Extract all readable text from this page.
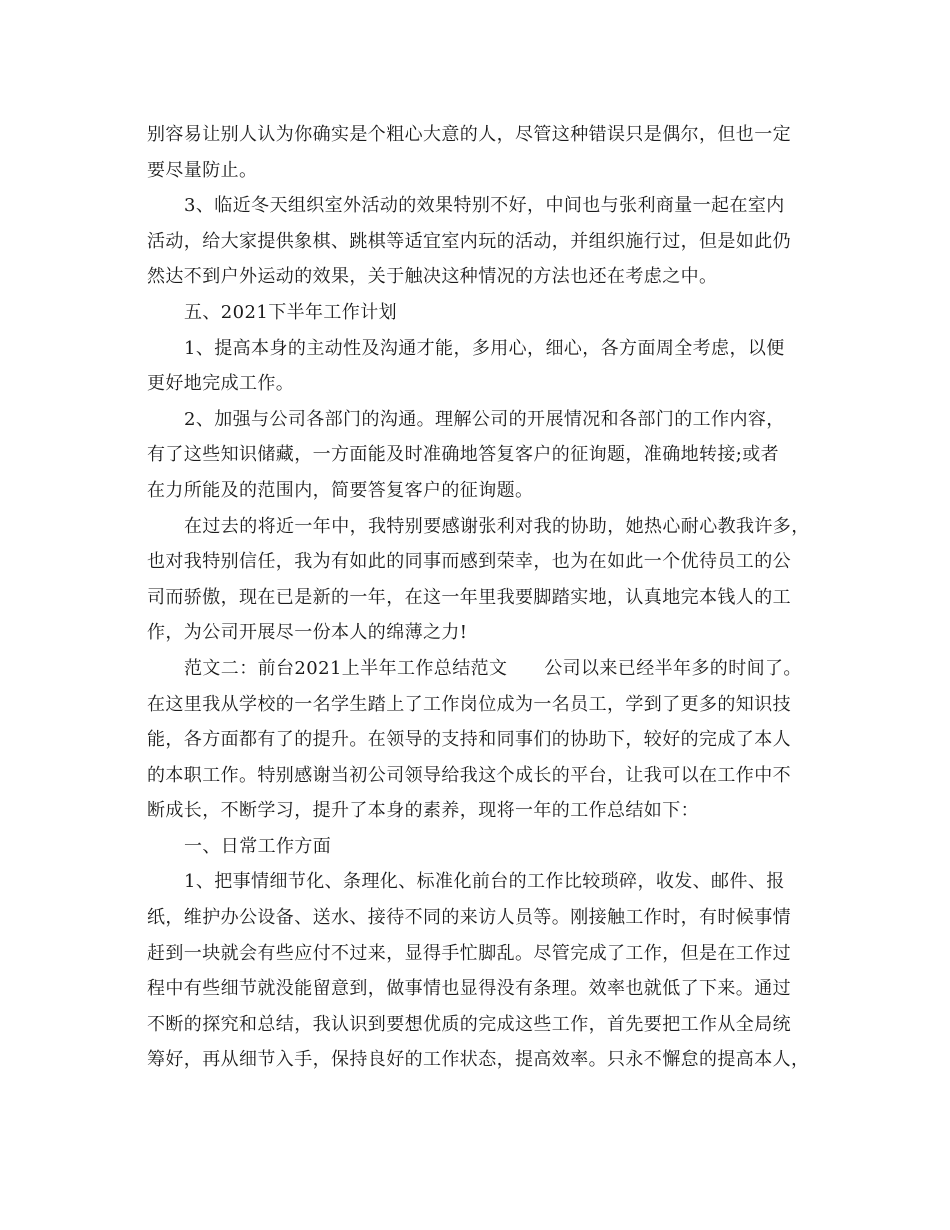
别容易让别人认为你确实是个粗心大意的人，尽管这种错误只是偶尔，但也一定
要尽量防止。
3、临近冬天组织室外活动的效果特别不好，中间也与张利商量一起在室内
活动，给大家提供象棋、跳棋等适宜室内玩的活动，并组织施行过，但是如此仍
然达不到户外运动的效果，关于触决这种情况的方法也还在考虑之中。
五、2021下半年工作计划
1、提高本身的主动性及沟通才能，多用心，细心，各方面周全考虑，以便
更好地完成工作。
2、加强与公司各部门的沟通。理解公司的开展情况和各部门的工作内容，
有了这些知识储藏，一方面能及时准确地答复客户的征询题，准确地转接;或者
在力所能及的范围内，简要答复客户的征询题。
在过去的将近一年中，我特别要感谢张利对我的协助，她热心耐心教我许多，
也对我特别信任，我为有如此的同事而感到荣幸，也为在如此一个优待员工的公
司而骄傲，现在已是新的一年，在这一年里我要脚踏实地，认真地完本钱人的工
作，为公司开展尽一份本人的绵薄之力!
范文二：前台2021上半年工作总结范文　　公司以来已经半年多的时间了。
在这里我从学校的一名学生踏上了工作岗位成为一名员工，学到了更多的知识技
能，各方面都有了的提升。在领导的支持和同事们的协助下，较好的完成了本人
的本职工作。特别感谢当初公司领导给我这个成长的平台，让我可以在工作中不
断成长，不断学习，提升了本身的素养，现将一年的工作总结如下：
一、日常工作方面
1、把事情细节化、条理化、标准化前台的工作比较琐碎，收发、邮件、报
纸，维护办公设备、送水、接待不同的来访人员等。刚接触工作时，有时候事情
赶到一块就会有些应付不过来，显得手忙脚乱。尽管完成了工作，但是在工作过
程中有些细节就没能留意到，做事情也显得没有条理。效率也就低了下来。通过
不断的探究和总结，我认识到要想优质的完成这些工作，首先要把工作从全局统
筹好，再从细节入手，保持良好的工作状态，提高效率。只永不懈怠的提高本人，
